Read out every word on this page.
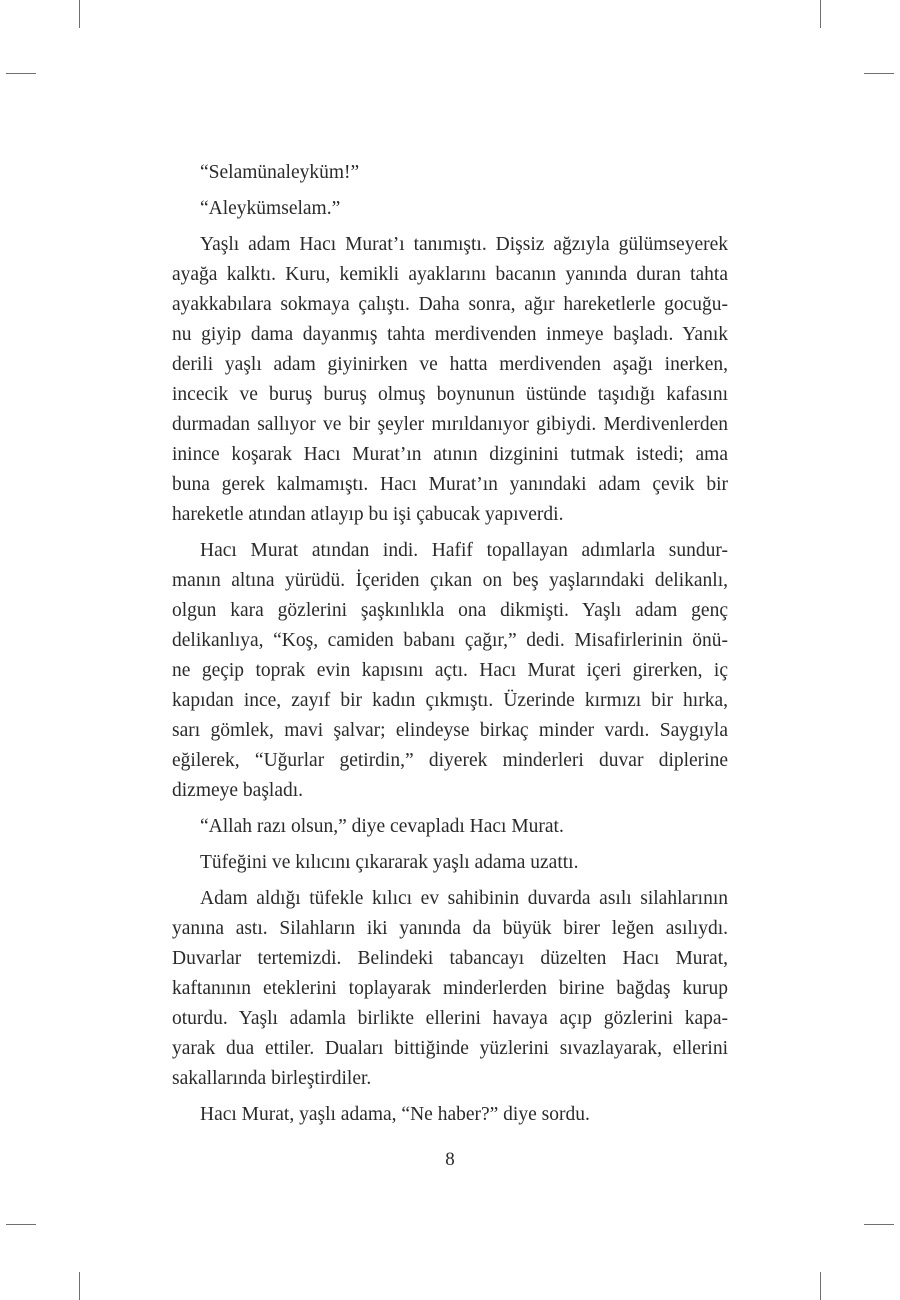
“Selamünaleyküm!”

“Aleykümselam.”

Yaşlı adam Hacı Murat’ı tanımıştı. Dişsiz ağzıyla gülümseyerek
ayağa kalktı. Kuru, kemikli ayaklarını bacanın yanında duran tahta
ayakkabılara sokmaya çalıştı. Daha sonra, ağır hareketlerle gocuğu-
nu giyip dama dayanmış tahta merdivenden inmeye başladı. Yanık
derili yaşlı adam giyinirken ve hatta merdivenden aşağı inerken,
incecik ve buruş buruş olmuş boynunun üstünde taşıdığı kafasını
durmadan sallıyor ve bir şeyler mırıldanıyor gibiydi. Merdivenlerden
inince koşarak Hacı Murat’ın atının dizginini tutmak istedi; ama
buna gerek kalmamıştı. Hacı Murat’ın yanındaki adam çevik bir
hareketle atından atlayıp bu işi çabucak yapıverdi.

Hacı Murat atından indi. Hafif topallayan adımlarla sundur-
manın altına yürüdü. İçeriden çıkan on beş yaşlarındaki delikanlı,
olgun kara gözlerini şaşkınlıkla ona dikmişti. Yaşlı adam genç
delikanlıya, “Koş, camiden babanı çağır,” dedi. Misafirlerinin önü-
ne geçip toprak evin kapısını açtı. Hacı Murat içeri girerken, iç
kapıdan ince, zayıf bir kadın çıkmıştı. Üzerinde kırmızı bir hırka,
sarı gömlek, mavi şalvar; elindeyse birkaç minder vardı. Saygıyla
eğilerek, “Uğurlar getirdin,” diyerek minderleri duvar diplerine
dizmeye başladı.

“Allah razı olsun,” diye cevapladı Hacı Murat.

Tüfeğini ve kılıcını çıkararak yaşlı adama uzattı.

Adam aldığı tüfekle kılıcı ev sahibinin duvarda asılı silahlarının
yanına astı. Silahların iki yanında da büyük birer leğen asılıydı.
Duvarlar tertemizdi. Belindeki tabancayı düzelten Hacı Murat,
kaftanının eteklerini toplayarak minderlerden birine bağdaş kurup
oturdu. Yaşlı adamla birlikte ellerini havaya açıp gözlerini kapa-
yarak dua ettiler. Duaları bittiğinde yüzlerini sıvazlayarak, ellerini
sakallarında birleştirdiler.

Hacı Murat, yaşlı adama, “Ne haber?” diye sordu.

8
